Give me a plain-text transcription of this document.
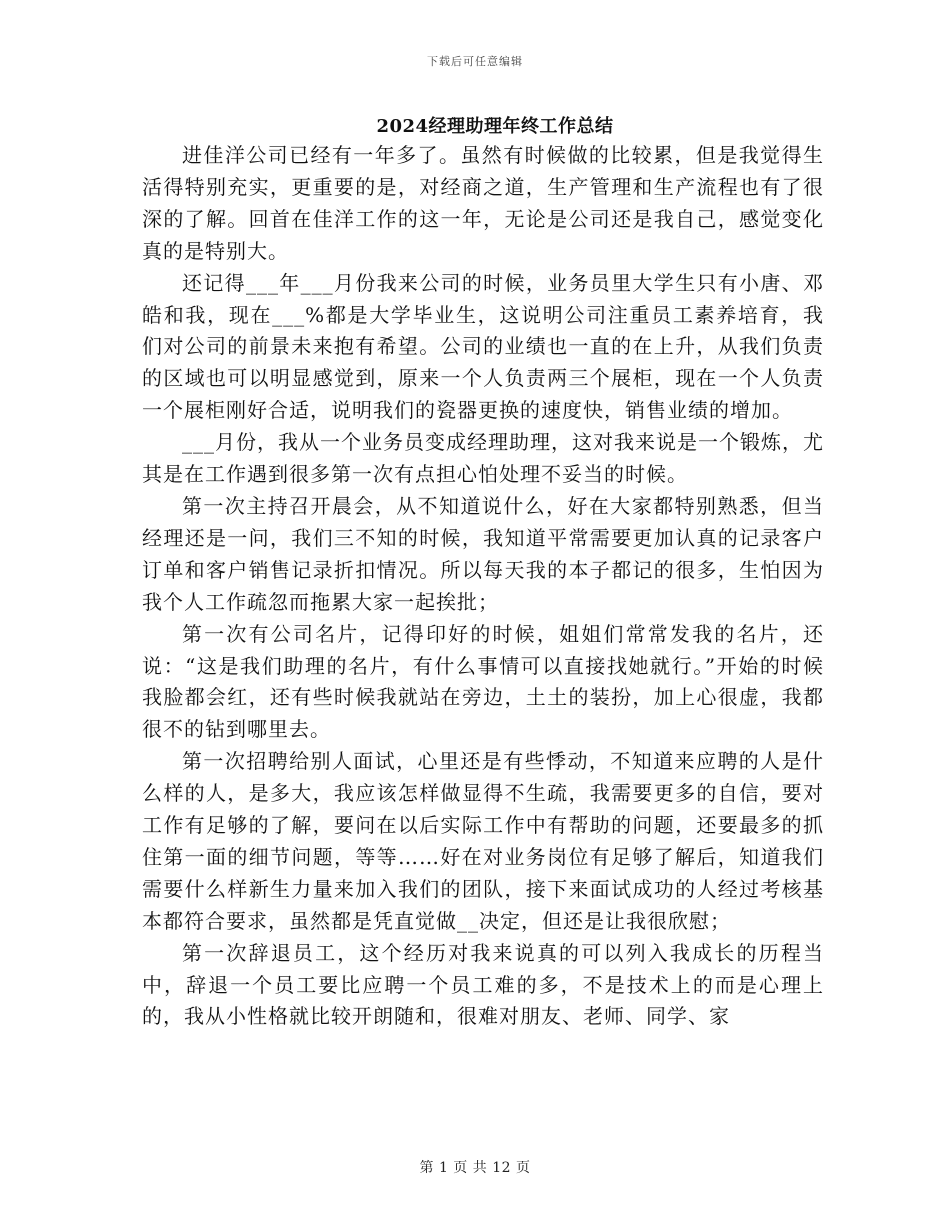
下载后可任意编辑
2024经理助理年终工作总结

进佳洋公司已经有一年多了。虽然有时候做的比较累，但是我觉得生活得特别充实，更重要的是，对经商之道，生产管理和生产流程也有了很深的了解。回首在佳洋工作的这一年，无论是公司还是我自己，感觉变化真的是特别大。

还记得___年___月份我来公司的时候，业务员里大学生只有小唐、邓皓和我，现在___%都是大学毕业生，这说明公司注重员工素养培育，我们对公司的前景未来抱有希望。公司的业绩也一直的在上升，从我们负责的区域也可以明显感觉到，原来一个人负责两三个展柜，现在一个人负责一个展柜刚好合适，说明我们的瓷器更换的速度快，销售业绩的增加。

___月份，我从一个业务员变成经理助理，这对我来说是一个锻炼，尤其是在工作遇到很多第一次有点担心怕处理不妥当的时候。

第一次主持召开晨会，从不知道说什么，好在大家都特别熟悉，但当经理还是一问，我们三不知的时候，我知道平常需要更加认真的记录客户订单和客户销售记录折扣情况。所以每天我的本子都记的很多，生怕因为我个人工作疏忽而拖累大家一起挨批；

第一次有公司名片，记得印好的时候，姐姐们常常发我的名片，还说：“这是我们助理的名片，有什么事情可以直接找她就行。”开始的时候我脸都会红，还有些时候我就站在旁边，土土的装扮，加上心很虚，我都很不的钻到哪里去。

第一次招聘给别人面试，心里还是有些悸动，不知道来应聘的人是什么样的人，是多大，我应该怎样做显得不生疏，我需要更多的自信，要对工作有足够的了解，要问在以后实际工作中有帮助的问题，还要最多的抓住第一面的细节问题，等等……好在对业务岗位有足够了解后，知道我们需要什么样新生力量来加入我们的团队，接下来面试成功的人经过考核基本都符合要求，虽然都是凭直觉做__决定，但还是让我很欣慰；

第一次辞退员工，这个经历对我来说真的可以列入我成长的历程当中，辞退一个员工要比应聘一个员工难的多，不是技术上的而是心理上的，我从小性格就比较开朗随和，很难对朋友、老师、同学、家

第 1 页 共 12 页
